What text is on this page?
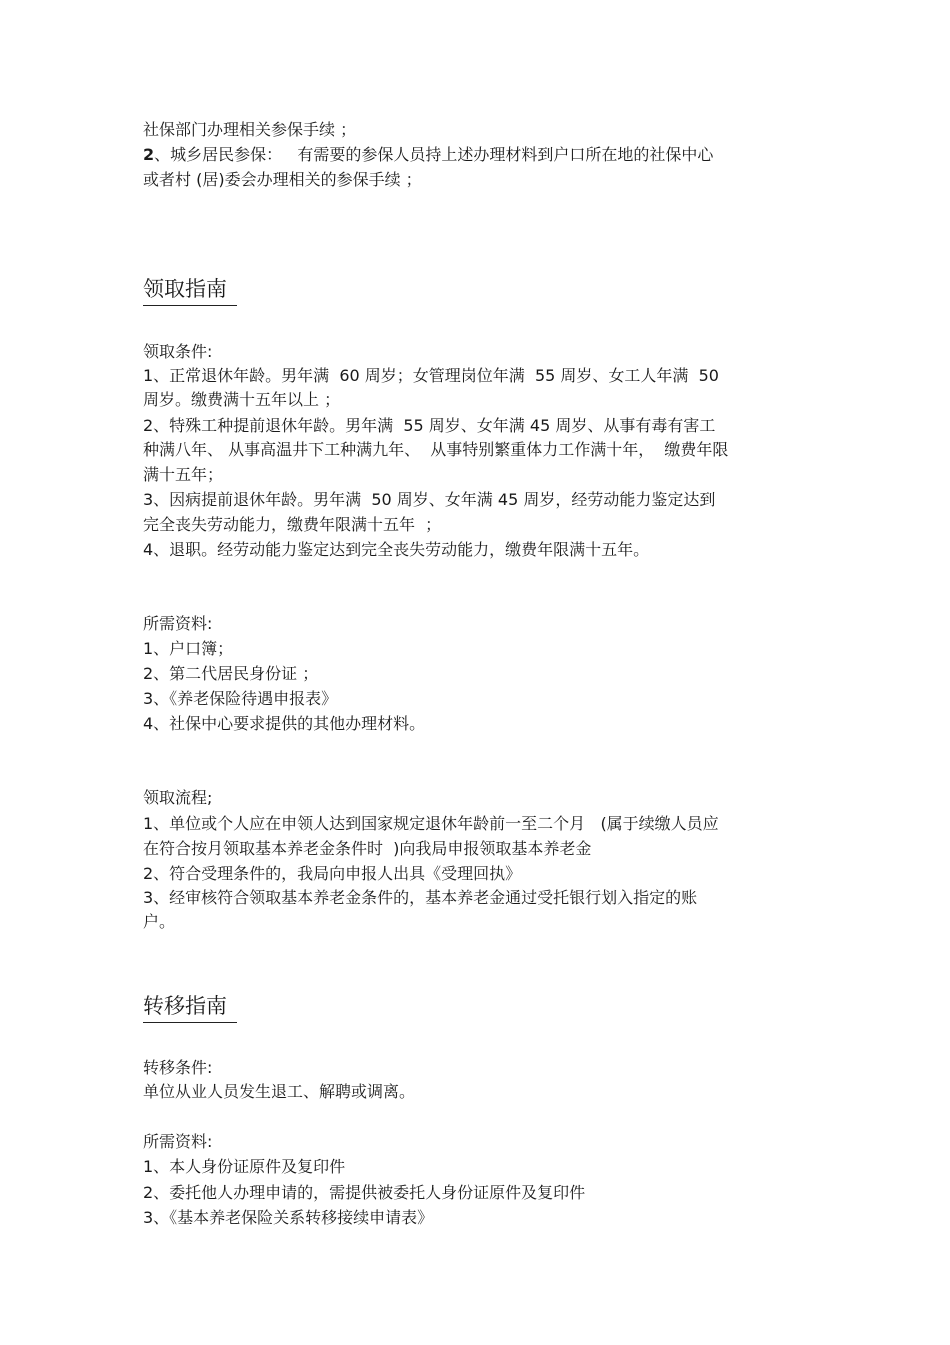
社保部门办理相关参保手续 ；
2、城乡居民参保：   有需要的参保人员持上述办理材料到户口所在地的社保中心
或者村 (居)委会办理相关的参保手续 ；
领取指南
领取条件:
1、正常退休年龄。男年满  60 周岁；女管理岗位年满  55 周岁、女工人年满  50
周岁。缴费满十五年以上 ；
2、特殊工种提前退休年龄。男年满  55 周岁、女年满 45 周岁、从事有毒有害工
种满八年、 从事高温井下工种满九年、  从事特别繁重体力工作满十年，  缴费年限
满十五年；
3、因病提前退休年龄。男年满  50 周岁、女年满 45 周岁，经劳动能力鉴定达到
完全丧失劳动能力，缴费年限满十五年  ；
4、退职。经劳动能力鉴定达到完全丧失劳动能力，缴费年限满十五年。
所需资料:
1、户口簿；
2、第二代居民身份证 ；
3、《养老保险待遇申报表》
4、社保中心要求提供的其他办理材料。
领取流程;
1、单位或个人应在申领人达到国家规定退休年龄前一至二个月   (属于续缴人员应
在符合按月领取基本养老金条件时  )向我局申报领取基本养老金
2、符合受理条件的，我局向申报人出具《受理回执》
3、经审核符合领取基本养老金条件的，基本养老金通过受托银行划入指定的账
户。
转移指南
转移条件:
单位从业人员发生退工、解聘或调离。
所需资料:
1、本人身份证原件及复印件
2、委托他人办理申请的，需提供被委托人身份证原件及复印件
3、《基本养老保险关系转移接续申请表》
